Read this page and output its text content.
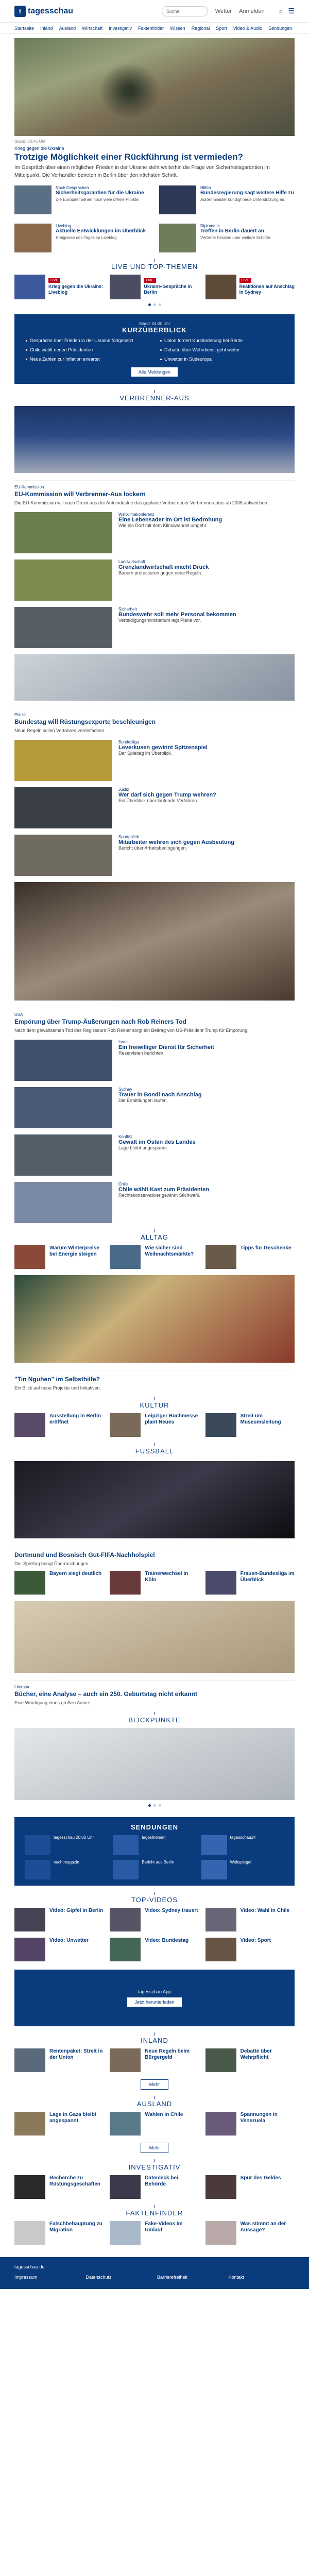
t tagesschau
Suche	Wetter Anmelden ⌕ ☰
Startseite Inland Ausland Wirtschaft Investigativ Faktenfinder Wissen Regional Sport Video & Audio Sendungen
Stand: 03:45 Uhr
Krieg gegen die Ukraine
Trotzige Möglichkeit einer Rückführung ist vermieden?

Im Gespräch über einen möglichen Frieden in der Ukraine steht weiterhin die Frage von Sicherheitsgarantien im Mittelpunkt. Die Verhandler berieten in Berlin über den nächsten Schritt.

Nach Gesprächen
Sicherheitsgarantien für die Ukraine
Die Europäer sehen noch viele offene Punkte.
Hilfen
Bundesregierung sagt weitere Hilfe zu
Außenminister kündigt neue Unterstützung an.
Liveblog
Aktuelle Entwicklungen im Überblick
Ereignisse des Tages im Liveblog.
Diplomatie
Treffen in Berlin dauert an
Vertreter beraten über weitere Schritte.
LIVE UND TOP-THEMEN
LIVE
Krieg gegen die Ukraine: Liveblog
LIVE
Ukraine-Gespräche in Berlin
LIVE
Reaktionen auf Anschlag in Sydney
Stand: 04:00 Uhr
KURZÜBERBLICK
Gespräche über Frieden in der Ukraine fortgesetzt	Union fordert Kursänderung bei Rente
Chile wählt neuen Präsidenten	Debatte über Wehrdienst geht weiter
Neue Zahlen zur Inflation erwartet	Unwetter in Südeuropa
Alle Meldungen
VERBRENNER-AUS
EU-Kommission
EU-Kommission will Verbrenner-Aus lockern
Die EU-Kommission will nach Druck aus der Autoindustrie das geplante Verbot neuer Verbrennerautos ab 2035 aufweichen.
Weltklimakonferenz
Eine Lebensader im Ort ist Bedrohung
Wie ein Dorf mit dem Klimawandel umgeht.
Landwirtschaft
Grenzlandwirtschaft macht Druck
Bauern protestieren gegen neue Regeln.
Sicherheit
Bundeswehr soll mehr Personal bekommen
Verteidigungsministerium legt Pläne vor.
Polizei
Bundestag will Rüstungsexporte beschleunigen
Neue Regeln sollen Verfahren vereinfachen.
Bundesliga
Leverkusen gewinnt Spitzenspiel
Der Spieltag im Überblick.
Justiz
Wer darf sich gegen Trump wehren?
Ein Überblick über laufende Verfahren.
Sportpolitik
Mitarbeiter wehren sich gegen Ausbeutung
Bericht über Arbeitsbedingungen.
USA
Empörung über Trump-Äußerungen nach Rob Reiners Tod
Nach dem gewaltsamen Tod des Regisseurs Rob Reiner sorgt ein Beitrag von US-Präsident Trump für Empörung.
Israel
Ein freiwilliger Dienst für Sicherheit
Reservisten berichten.
Sydney
Trauer in Bondi nach Anschlag
Die Ermittlungen laufen.
Konflikt
Gewalt im Osten des Landes
Lage bleibt angespannt.
Chile
Chile wählt Kast zum Präsidenten
Rechtskonservativer gewinnt Stichwahl.
ALLTAG
Warum Winterpreise bei Energie steigen
Wie sicher sind Weihnachtsmärkte?
Tipps für Geschenke
"Tin Nguhen" im Selbsthilfe?
Ein Blick auf neue Projekte und Initiativen.
KULTUR
Ausstellung in Berlin eröffnet
Leipziger Buchmesse plant Neues
Streit um Museumsleitung
FUSSBALL
Dortmund und Bosnisch Gut-FIFA-Nachholspiel
Der Spieltag bringt Überraschungen.
Bayern siegt deutlich	Trainerwechsel in Köln
Frauen-Bundesliga im Überblick
Literatur
Bücher, eine Analyse – auch ein 250. Geburtstag nicht erkannt
Eine Würdigung eines großen Autors.
BLICKPUNKTE
SENDUNGEN
tagesschau 20:00 Uhr	tagesthemen	tagesschau24
nachtmagazin	Bericht aus Berlin	Weltspiegel
TOP-VIDEOS
Video: Gipfel in Berlin	Video: Sydney trauert	Video: Wahl in Chile
Video: Unwetter	Video: Bundestag	Video: Sport
tagesschau App
Jetzt herunterladen
INLAND
Rentenpaket: Streit in der Union
Neue Regeln beim Bürgergeld
Debatte über Wehrpflicht
Mehr
AUSLAND
Lage in Gaza bleibt angespannt
Wahlen in Chile	Spannungen in Venezuela
Mehr
INVESTIGATIV
Recherche zu Rüstungsgeschäften
Datenleck bei Behörde
Spur des Geldes
FAKTENFINDER
Falschbehauptung zu Migration
Fake-Videos im Umlauf
Was stimmt an der Aussage?
tagesschau.de
Impressum	Datenschutz	Barrierefreiheit	Kontakt
